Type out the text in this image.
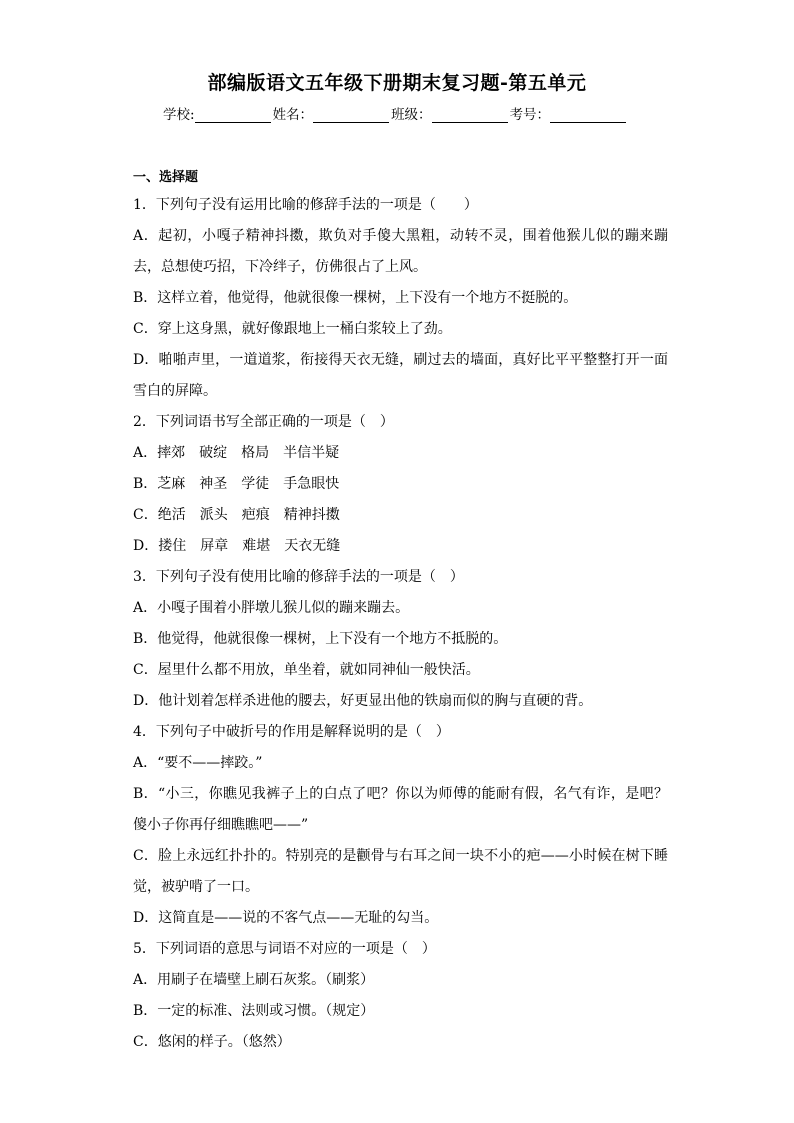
部编版语文五年级下册期末复习题-第五单元
学校:	姓名：	班级：	考号：
一、选择题

1．下列句子没有运用比喻的修辞手法的一项是（　　）

A．起初，小嘎子精神抖擞，欺负对手傻大黑粗，动转不灵，围着他猴儿似的蹦来蹦去，总想使巧招，下冷绊子，仿佛很占了上风。

B．这样立着，他觉得，他就很像一棵树，上下没有一个地方不挺脱的。

C．穿上这身黑，就好像跟地上一桶白浆较上了劲。

D．啪啪声里，一道道浆，衔接得天衣无缝，刷过去的墙面，真好比平平整整打开一面雪白的屏障。

2．下列词语书写全部正确的一项是（　）

A．摔郊 破绽 格局 半信半疑

B．芝麻 神圣 学徒 手急眼快

C．绝活 派头 疤痕 精神抖擞

D．搂住 屏章 难堪 天衣无缝

3．下列句子没有使用比喻的修辞手法的一项是（　）

A．小嘎子围着小胖墩儿猴儿似的蹦来蹦去。

B．他觉得，他就很像一棵树，上下没有一个地方不抵脱的。

C．屋里什么都不用放，单坐着，就如同神仙一般快活。

D．他计划着怎样杀进他的腰去，好更显出他的铁扇而似的胸与直硬的背。

4．下列句子中破折号的作用是解释说明的是（　）

A．“要不——摔跤。”

B．“小三，你瞧见我裤子上的白点了吧？你以为师傅的能耐有假，名气有诈，是吧？傻小子你再仔细瞧瞧吧——”

C．脸上永远红扑扑的。特别亮的是颧骨与右耳之间一块不小的疤——小时候在树下睡觉，被驴啃了一口。

D．这简直是——说的不客气点——无耻的勾当。

5．下列词语的意思与词语不对应的一项是（　）

A．用刷子在墙壁上刷石灰浆。（刷浆）

B．一定的标准、法则或习惯。（规定）

C．悠闲的样子。（悠然）
